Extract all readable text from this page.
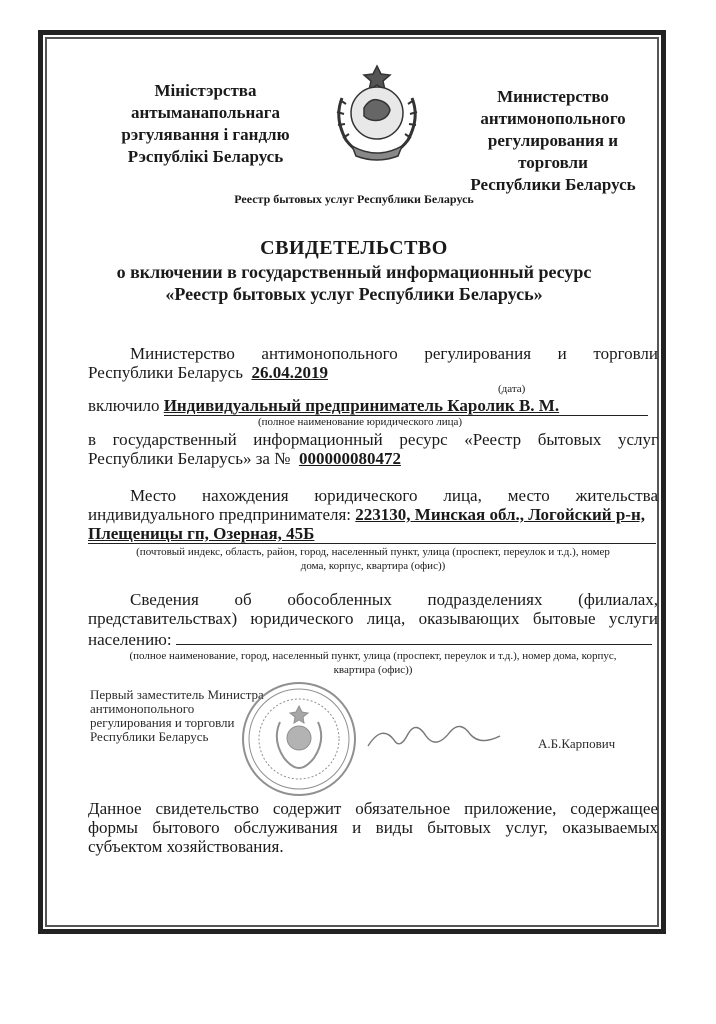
Міністэрства
антыманапольнага
рэгулявання і гандлю
Рэспублікі Беларусь
Министерство
антимонопольного
регулирования и
торговли
Республики Беларусь
Реестр бытовых услуг Республики Беларусь
СВИДЕТЕЛЬСТВО
о включении в государственный информационный ресурс
«Реестр бытовых услуг Республики Беларусь»
Министерство антимонопольного регулирования и торговли
Республики Беларусь 26.04.2019
(дата)
включило Индивидуальный предприниматель Каролик В. М.
(полное наименование юридического лица)
в государственный информационный ресурс «Реестр бытовых услуг
Республики Беларусь» за № 000000080472
Место нахождения юридического лица, место жительства
индивидуального предпринимателя: 223130, Минская обл., Логойский р-н,
Плещеницы гп, Озерная, 45Б
(почтовый индекс, область, район, город, населенный пункт, улица (проспект, переулок и т.д.), номер
дома, корпус, квартира (офис))
Сведения об обособленных подразделениях (филиалах,
представительствах) юридического лица, оказывающих бытовые услуги
населению:
(полное наименование, город, населенный пункт, улица (проспект, переулок и т.д.), номер дома, корпус,
квартира (офис))
Первый заместитель Министра
антимонопольного
регулирования и торговли
Республики Беларусь	А.Б.Карпович
Данное свидетельство содержит обязательное приложение, содержащее
формы бытового обслуживания и виды бытовых услуг, оказываемых
субъектом хозяйствования.
